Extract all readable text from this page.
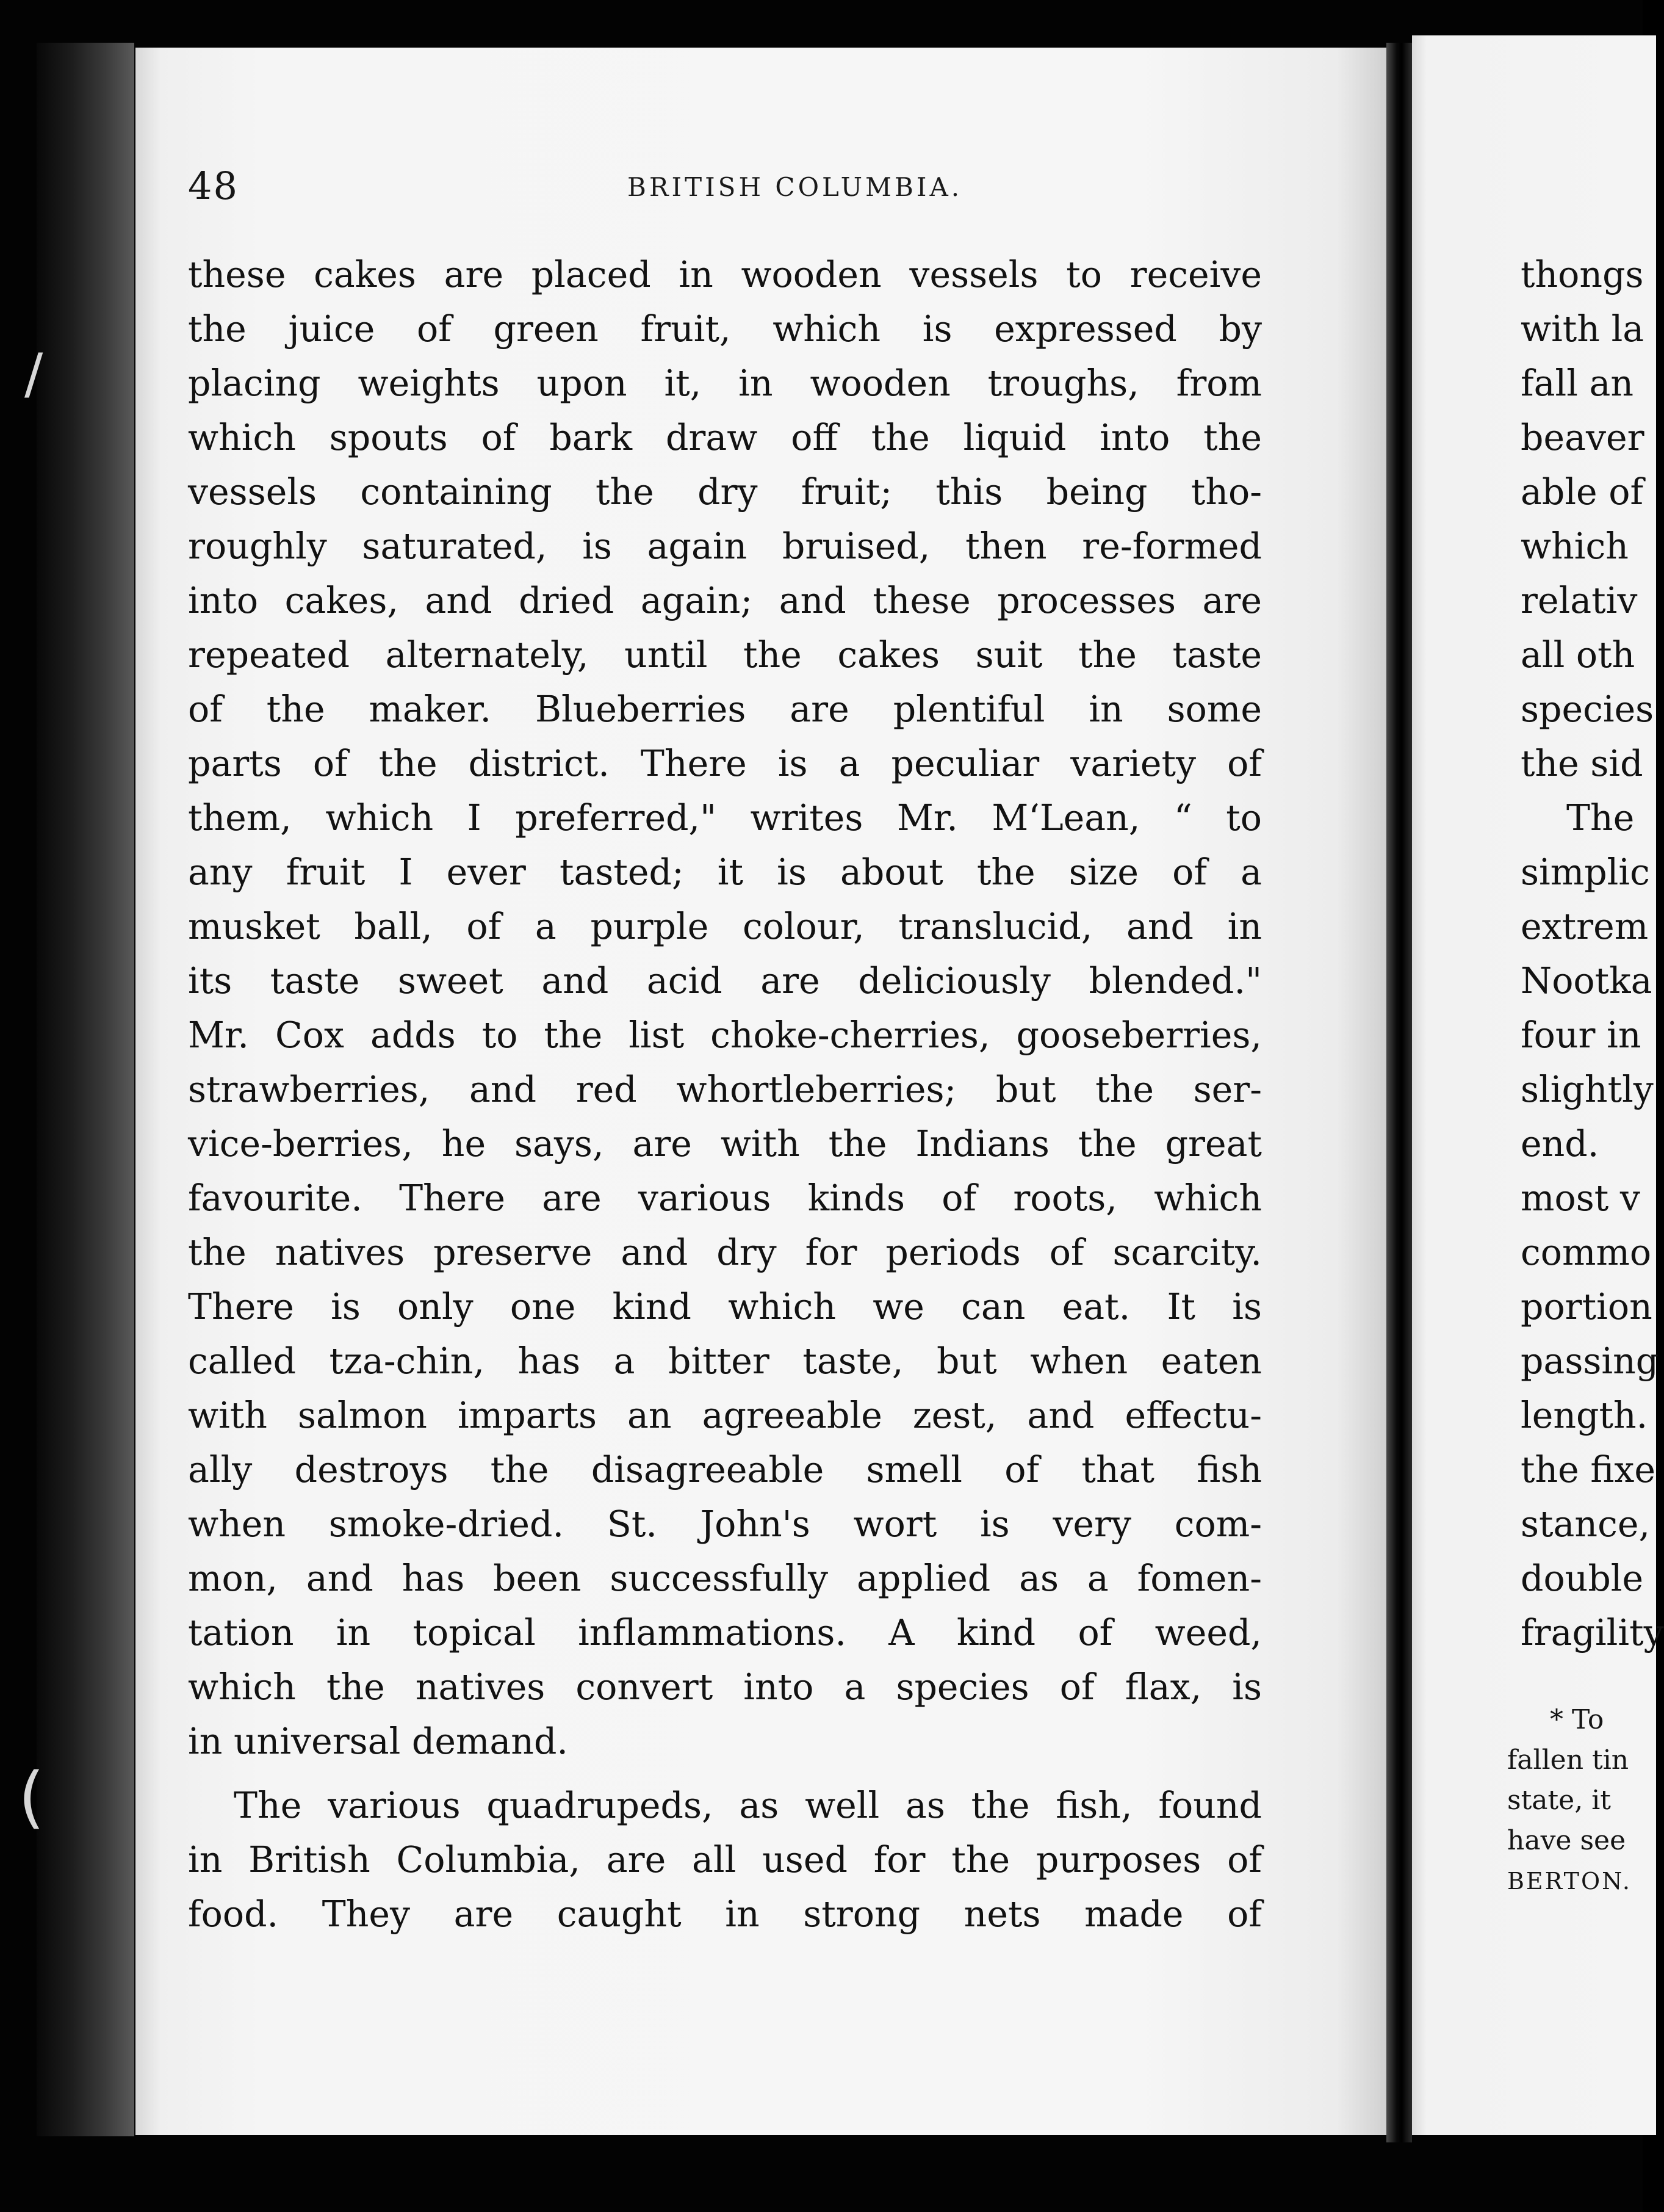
/
(
48	BRITISH COLUMBIA.
these cakes are placed in wooden vessels to receive
the juice of green fruit, which is expressed by
placing weights upon it, in wooden troughs, from
which spouts of bark draw off the liquid into the
vessels containing the dry fruit; this being tho-
roughly saturated, is again bruised, then re-formed
into cakes, and dried again; and these processes are
repeated alternately, until the cakes suit the taste
of the maker. Blueberries are plentiful in some
parts of the district. There is a peculiar variety of
them, which I preferred," writes Mr. M‘Lean, “ to
any fruit I ever tasted; it is about the size of a
musket ball, of a purple colour, translucid, and in
its taste sweet and acid are deliciously blended."
Mr. Cox adds to the list choke-cherries, gooseberries,
strawberries, and red whortleberries; but the ser-
vice-berries, he says, are with the Indians the great
favourite. There are various kinds of roots, which
the natives preserve and dry for periods of scarcity.
There is only one kind which we can eat. It is
called tza-chin, has a bitter taste, but when eaten
with salmon imparts an agreeable zest, and effectu-
ally destroys the disagreeable smell of that fish
when smoke-dried. St. John's wort is very com-
mon, and has been successfully applied as a fomen-
tation in topical inflammations. A kind of weed,
which the natives convert into a species of flax, is
in universal demand.
The various quadrupeds, as well as the fish, found
in British Columbia, are all used for the purposes of
food. They are caught in strong nets made of
thongs
with la
fall an
beaver
able of
which
relativ
all oth
species
the sid
The
simplic
extrem
Nootka
four in
slightly
end.
most v
commo
portion
passing
length.
the fixe
stance,
double
fragility
* To
fallen tin
state, it
have see
BERTON.
